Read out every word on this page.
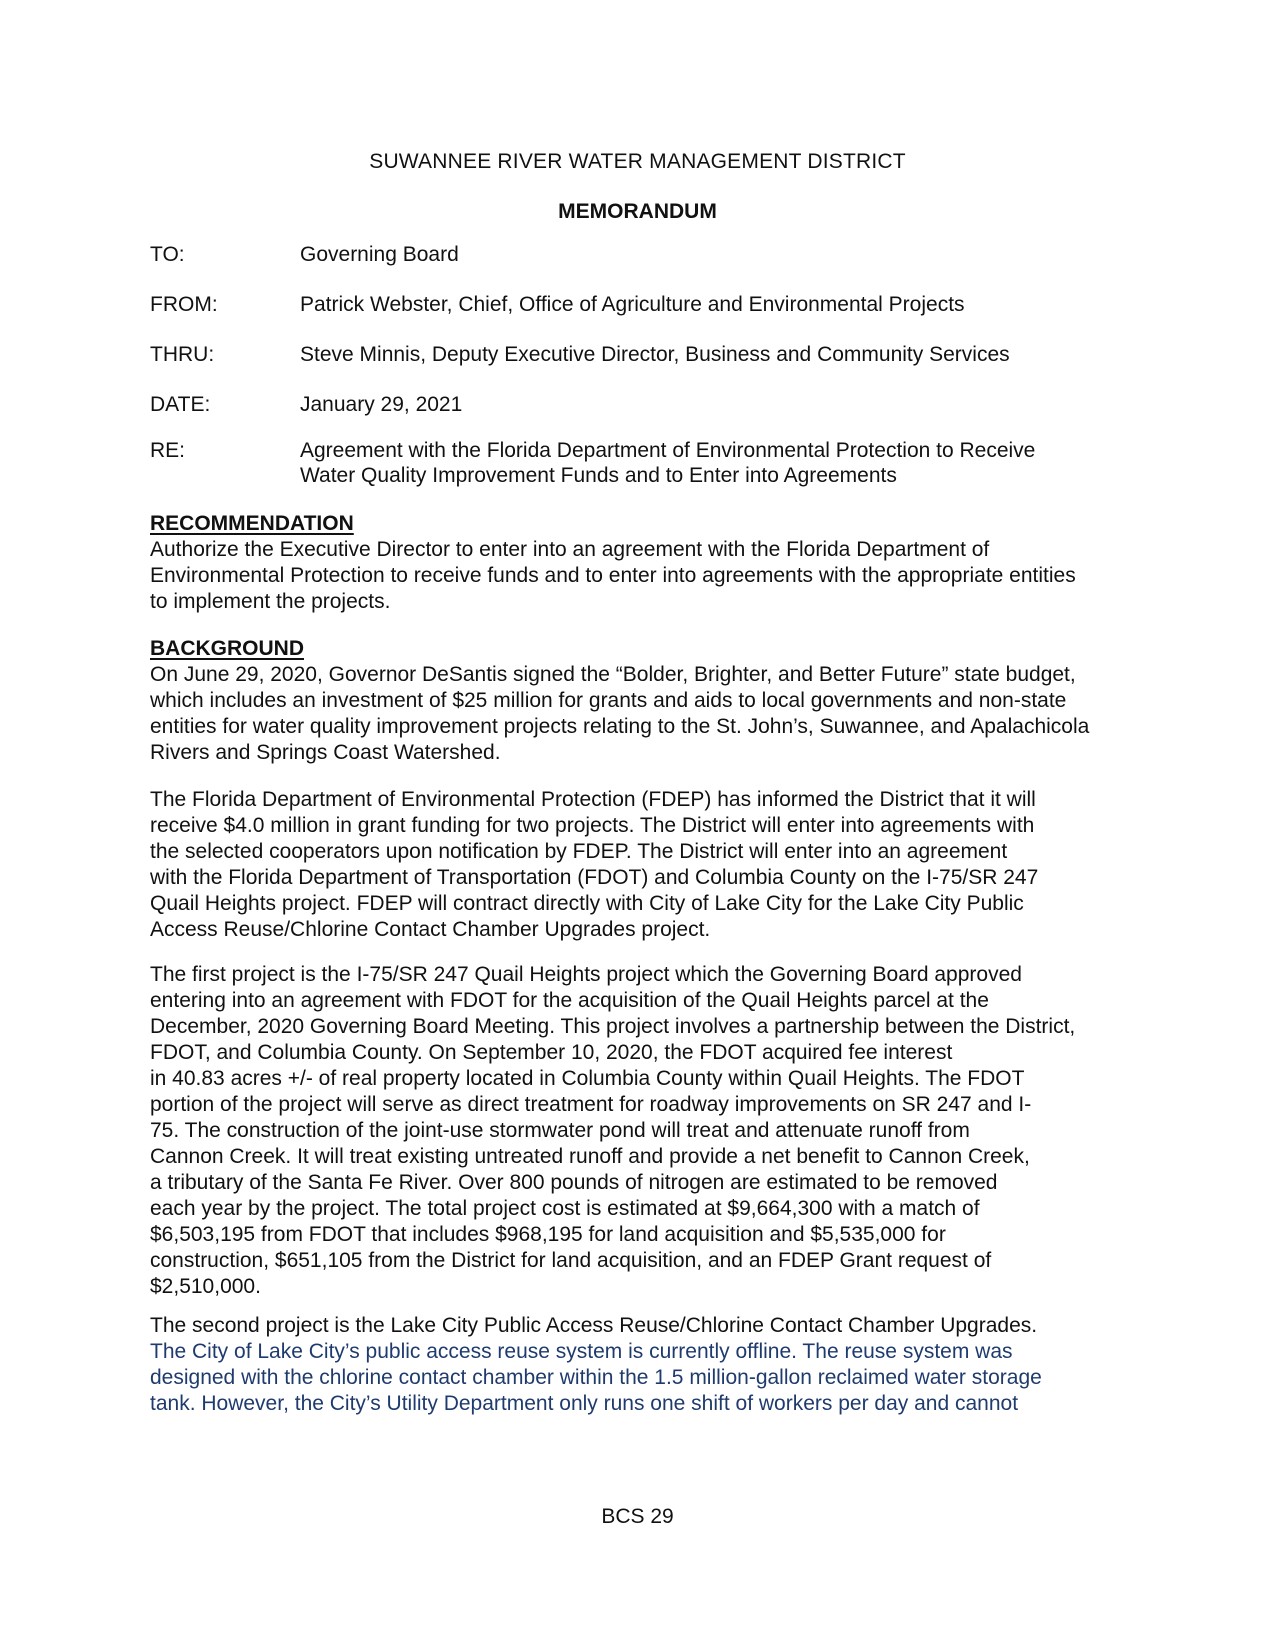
SUWANNEE RIVER WATER MANAGEMENT DISTRICT
MEMORANDUM
TO:	Governing Board
FROM:	Patrick Webster, Chief, Office of Agriculture and Environmental Projects
THRU:	Steve Minnis, Deputy Executive Director, Business and Community Services
DATE:	January 29, 2021
RE:	Agreement with the Florida Department of Environmental Protection to Receive
Water Quality Improvement Funds and to Enter into Agreements
RECOMMENDATION
Authorize the Executive Director to enter into an agreement with the Florida Department of
Environmental Protection to receive funds and to enter into agreements with the appropriate entities
to implement the projects.
BACKGROUND
On June 29, 2020, Governor DeSantis signed the “Bolder, Brighter, and Better Future” state budget,
which includes an investment of $25 million for grants and aids to local governments and non-state
entities for water quality improvement projects relating to the St. John’s, Suwannee, and Apalachicola
Rivers and Springs Coast Watershed.
The Florida Department of Environmental Protection (FDEP) has informed the District that it will
receive $4.0 million in grant funding for two projects. The District will enter into agreements with
the selected cooperators upon notification by FDEP. The District will enter into an agreement
with the Florida Department of Transportation (FDOT) and Columbia County on the I-75/SR 247
Quail Heights project. FDEP will contract directly with City of Lake City for the Lake City Public
Access Reuse/Chlorine Contact Chamber Upgrades project.
The first project is the I-75/SR 247 Quail Heights project which the Governing Board approved
entering into an agreement with FDOT for the acquisition of the Quail Heights parcel at the
December, 2020 Governing Board Meeting. This project involves a partnership between the District,
FDOT, and Columbia County. On September 10, 2020, the FDOT acquired fee interest
in 40.83 acres +/- of real property located in Columbia County within Quail Heights. The FDOT
portion of the project will serve as direct treatment for roadway improvements on SR 247 and I-
75. The construction of the joint-use stormwater pond will treat and attenuate runoff from
Cannon Creek. It will treat existing untreated runoff and provide a net benefit to Cannon Creek,
a tributary of the Santa Fe River. Over 800 pounds of nitrogen are estimated to be removed
each year by the project. The total project cost is estimated at $9,664,300 with a match of
$6,503,195 from FDOT that includes $968,195 for land acquisition and $5,535,000 for
construction, $651,105 from the District for land acquisition, and an FDEP Grant request of
$2,510,000.
The second project is the Lake City Public Access Reuse/Chlorine Contact Chamber Upgrades.
The City of Lake City’s public access reuse system is currently offline. The reuse system was
designed with the chlorine contact chamber within the 1.5 million-gallon reclaimed water storage
tank. However, the City’s Utility Department only runs one shift of workers per day and cannot
BCS 29
